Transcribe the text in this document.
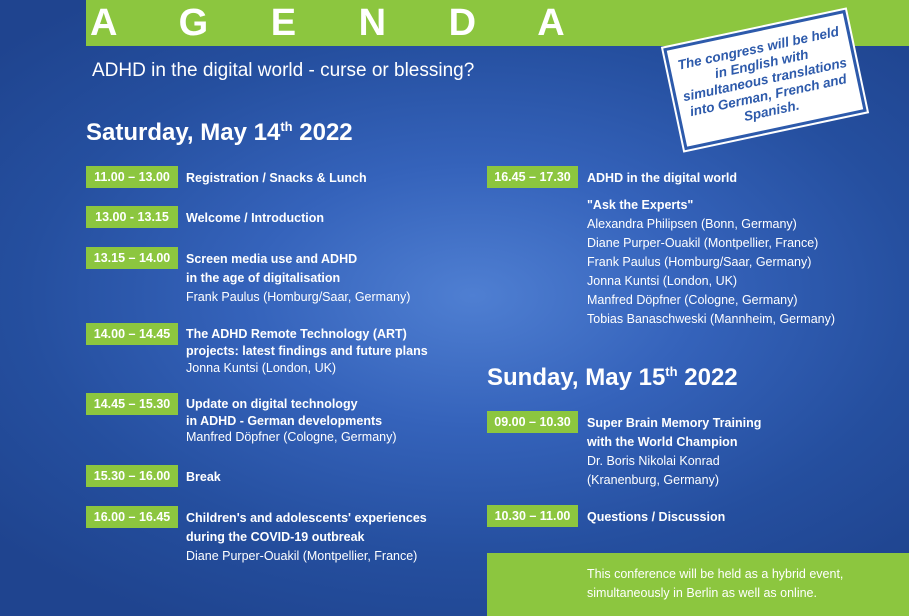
A G E N D A
ADHD in the digital world - curse or blessing?	The congress will be held in English with simultaneous translations into German, French and Spanish.
Saturday, May 14th 2022
11.00 – 13.00	Registration / Snacks & Lunch
13.00 - 13.15	Welcome / Introduction
13.15 – 14.00	Screen media use and ADHD
in the age of digitalisation
Frank Paulus (Homburg/Saar, Germany)
14.00 – 14.45	The ADHD Remote Technology (ART)
projects: latest findings and future plans
Jonna Kuntsi (London, UK)
14.45 – 15.30	Update on digital technology
in ADHD - German developments
Manfred Döpfner (Cologne, Germany)
15.30 – 16.00	Break
16.00 – 16.45	Children's and adolescents' experiences
during the COVID-19 outbreak
Diane Purper-Ouakil (Montpellier, France)
16.45 – 17.30	ADHD in the digital world
"Ask the Experts"
Alexandra Philipsen (Bonn, Germany)
Diane Purper-Ouakil (Montpellier, France)
Frank Paulus (Homburg/Saar, Germany)
Jonna Kuntsi (London, UK)
Manfred Döpfner (Cologne, Germany)
Tobias Banaschweski (Mannheim, Germany)
Sunday, May 15th 2022
09.00 – 10.30	Super Brain Memory Training
with the World Champion
Dr. Boris Nikolai Konrad
(Kranenburg, Germany)
10.30 – 11.00	Questions / Discussion
This conference will be held as a hybrid event,
simultaneously in Berlin as well as online.
